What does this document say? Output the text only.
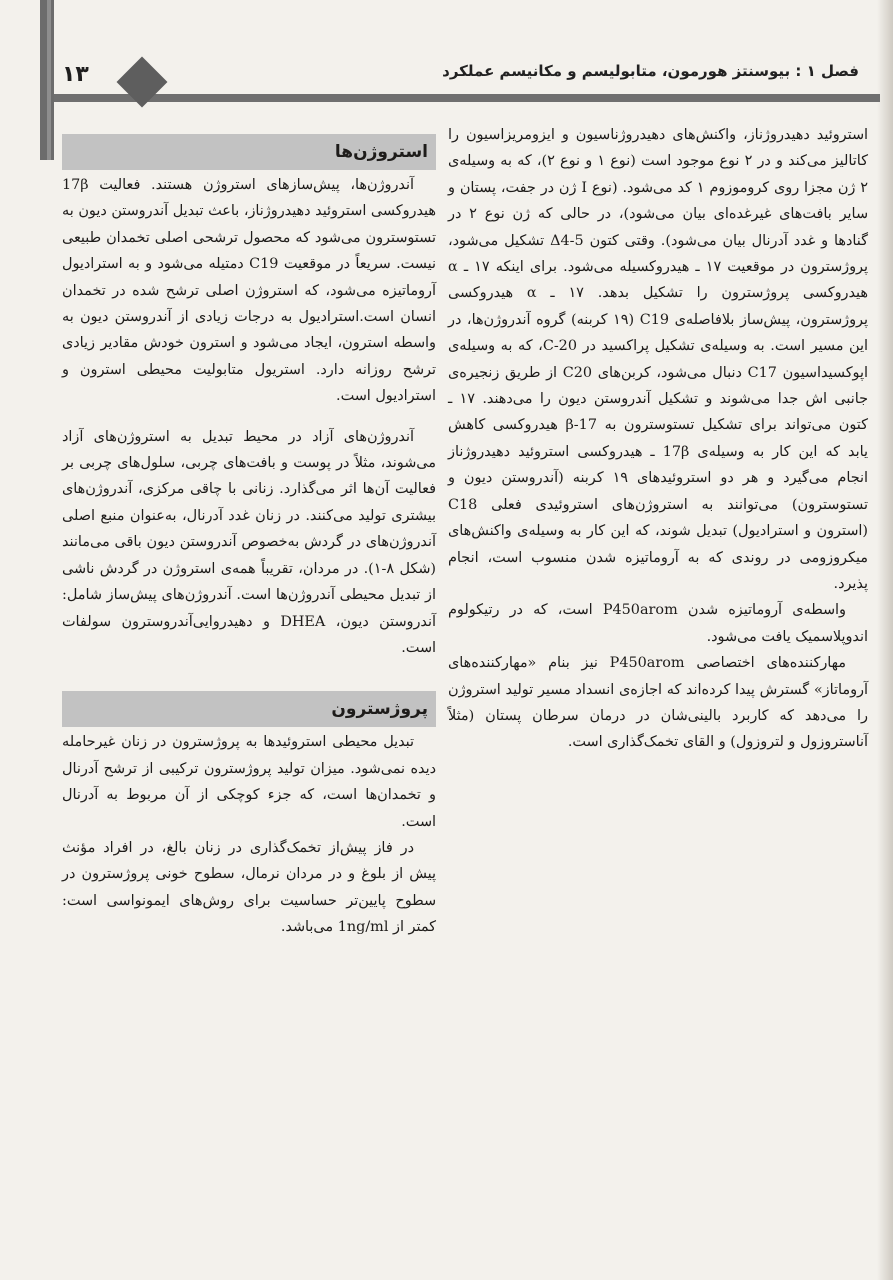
۱۳	فصل ۱ : بیوسنتز هورمون، متابولیسم و مکانیسم عملکرد

استروئید دهیدروژناز، واکنش‌های دهیدروژناسیون و ایزومریزاسیون را کاتالیز می‌کند و در ۲ نوع موجود است (نوع ۱ و نوع ۲)، که به وسیله‌ی ۲ ژن مجزا روی کروموزوم ۱ کد می‌شود. (نوع I ژن در جفت، پستان و سایر بافت‌های غیرغده‌ای بیان می‌شود)، در حالی که ژن نوع ۲ در گنادها و غدد آدرنال بیان می‌شود). وقتی کتون Δ4-5 تشکیل می‌شود، پروژسترون در موقعیت ۱۷ ـ هیدروکسیله می‌شود. برای اینکه ۱۷ ـ α هیدروکسی پروژسترون را تشکیل بدهد. ۱۷ ـ α هیدروکسی پروژسترون، پیش‌ساز بلافاصله‌ی C19 (۱۹ کربنه) گروه آندروژن‌ها، در این مسیر است. به وسیله‌ی تشکیل پراکسید در C-20، که به وسیله‌ی اپوکسیداسیون C17 دنبال می‌شود، کربن‌های C20 از طریق زنجیره‌ی جانبی اش جدا می‌شوند و تشکیل آندروستن دیون را می‌دهند. ۱۷ ـ کتون می‌تواند برای تشکیل تستوسترون به 17-β هیدروکسی کاهش یابد که این کار به وسیله‌ی 17β ـ هیدروکسی استروئید دهیدروژناز انجام می‌گیرد و هر دو استروئیدهای ۱۹ کربنه (آندروستن دیون و تستوسترون) می‌توانند به استروژن‌های استروئیدی فعلی C18 (استرون و استرادیول) تبدیل شوند، که این کار به وسیله‌ی واکنش‌های میکروزومی در روندی که به آروماتیزه شدن منسوب است، انجام پذیرد.

واسطه‌ی آروماتیزه شدن P450arom است، که در رتیکولوم اندوپلاسمیک یافت می‌شود.

مهارکننده‌های اختصاصی P450arom نیز بنام «مهارکننده‌های آروماتاز» گسترش پیدا کرده‌اند که اجازه‌ی انسداد مسیر تولید استروژن را می‌دهد که کاربرد بالینی‌شان در درمان سرطان پستان (مثلاً آناستروزول و لتروزول) و القای تخمک‌گذاری است.

استروژن‌ها

آندروژن‌ها، پیش‌سازهای استروژن هستند. فعالیت 17β هیدروکسی استروئید دهیدروژناز، باعث تبدیل آندروستن دیون به تستوسترون می‌شود که محصول ترشحی اصلی تخمدان طبیعی نیست. سریعاً در موقعیت C19 دمتیله می‌شود و به استرادیول آروماتیزه می‌شود، که استروژن اصلی ترشح شده در تخمدان انسان است.استرادیول به درجات زیادی از آندروستن دیون به واسطه استرون، ایجاد می‌شود و استرون خودش مقادیر زیادی ترشح روزانه دارد. استریول متابولیت محیطی استرون و استرادیول است.

آندروژن‌های آزاد در محیط تبدیل به استروژن‌های آزاد می‌شوند، مثلاً در پوست و بافت‌های چربی، سلول‌های چربی بر فعالیت آن‌ها اثر می‌گذارد. زنانی با چاقی مرکزی، آندروژن‌های بیشتری تولید می‌کنند. در زنان غدد آدرنال، به‌عنوان منبع اصلی آندروژن‌های در گردش به‌خصوص آندروستن دیون باقی می‌مانند (شکل ۸-۱). در مردان، تقریباً همه‌ی استروژن در گردش ناشی از تبدیل محیطی آندروژن‌ها است. آندروژن‌های پیش‌ساز شامل: آندروستن دیون، DHEA و دهیدروایی‌آندروسترون سولفات است.

پروژسترون

تبدیل محیطی استروئیدها به پروژسترون در زنان غیرحامله دیده نمی‌شود. میزان تولید پروژسترون ترکیبی از ترشح آدرنال و تخمدان‌ها است، که جزء کوچکی از آن مربوط به آدرنال است.

در فاز پیش‌از تخمک‌گذاری در زنان بالغ، در افراد مؤنث پیش از بلوغ و در مردان نرمال، سطوح خونی پروژسترون در سطوح پایین‌تر حساسیت برای روش‌های ایمونواسی است: کمتر از 1ng/ml می‌باشد.
